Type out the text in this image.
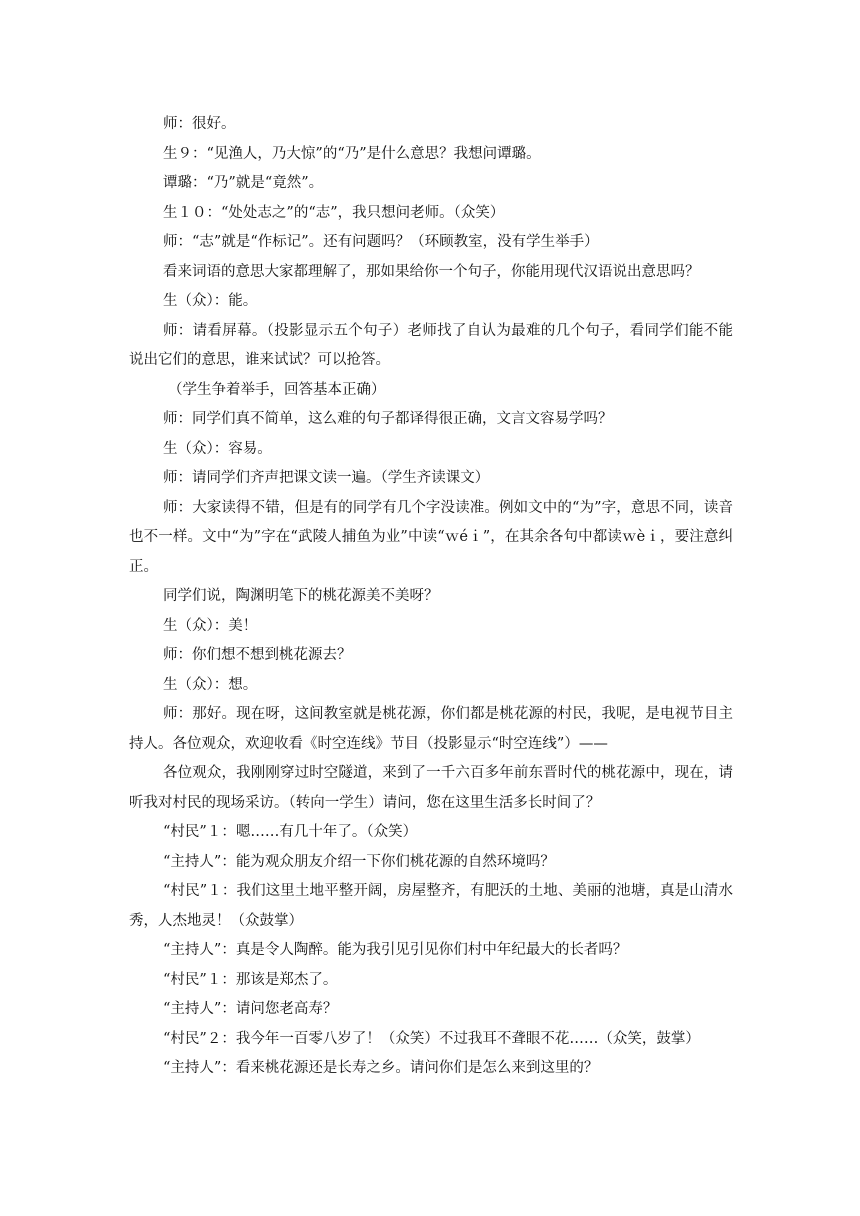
师：很好。

生９：“见渔人，乃大惊”的“乃”是什么意思？我想问谭璐。

谭璐：“乃”就是“竟然”。

生１０：“处处志之”的“志”，我只想问老师。（众笑）

师：“志”就是“作标记”。还有问题吗？（环顾教室，没有学生举手）

看来词语的意思大家都理解了，那如果给你一个句子，你能用现代汉语说出意思吗？

生（众）：能。

师：请看屏幕。（投影显示五个句子）老师找了自认为最难的几个句子，看同学们能不能说出它们的意思，谁来试试？可以抢答。

（学生争着举手，回答基本正确）

师：同学们真不简单，这么难的句子都译得很正确，文言文容易学吗？

生（众）：容易。

师：请同学们齐声把课文读一遍。（学生齐读课文）

师：大家读得不错，但是有的同学有几个字没读准。例如文中的“为”字，意思不同，读音也不一样。文中“为”字在“武陵人捕鱼为业”中读“ｗéｉ”，在其余各句中都读ｗèｉ，要注意纠正。

同学们说，陶渊明笔下的桃花源美不美呀？

生（众）：美！

师：你们想不想到桃花源去？

生（众）：想。

师：那好。现在呀，这间教室就是桃花源，你们都是桃花源的村民，我呢，是电视节目主持人。各位观众，欢迎收看《时空连线》节目（投影显示“时空连线”）——

各位观众，我刚刚穿过时空隧道，来到了一千六百多年前东晋时代的桃花源中，现在，请听我对村民的现场采访。（转向一学生）请问，您在这里生活多长时间了？

“村民”１：嗯……有几十年了。（众笑）

“主持人”：能为观众朋友介绍一下你们桃花源的自然环境吗？

“村民”１：我们这里土地平整开阔，房屋整齐，有肥沃的土地、美丽的池塘，真是山清水秀，人杰地灵！（众鼓掌）

“主持人”：真是令人陶醉。能为我引见引见你们村中年纪最大的长者吗？

“村民”１：那该是郑杰了。

“主持人”：请问您老高寿？

“村民”２：我今年一百零八岁了！（众笑）不过我耳不聋眼不花……（众笑，鼓掌）

“主持人”：看来桃花源还是长寿之乡。请问你们是怎么来到这里的？
